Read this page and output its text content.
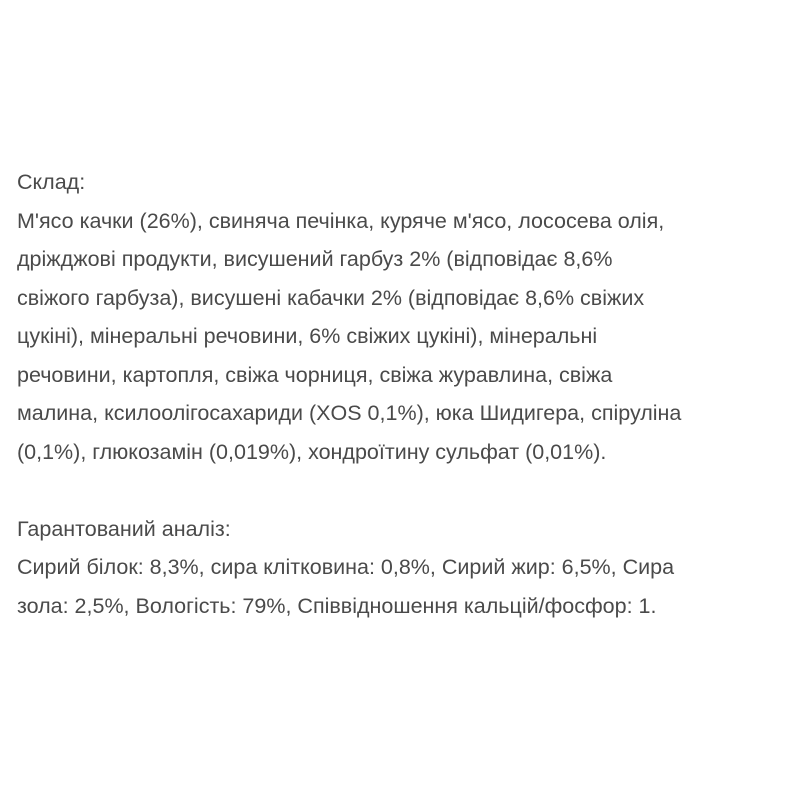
Склад:
М'ясо качки (26%), свиняча печінка, куряче м'ясо, лососева олія,
дріжджові продукти, висушений гарбуз 2% (відповідає 8,6%
свіжого гарбуза), висушені кабачки 2% (відповідає 8,6% свіжих
цукіні), мінеральні речовини, 6% свіжих цукіні), мінеральні
речовини, картопля, свіжа чорниця, свіжа журавлина, свіжа
малина, ксилоолігосахариди (XOS 0,1%), юка Шидигера, спіруліна
(0,1%), глюкозамін (0,019%), хондроїтину сульфат (0,01%).
Гарантований аналіз:
Сирий білок: 8,3%, сира клітковина: 0,8%, Сирий жир: 6,5%, Сира
зола: 2,5%, Вологість: 79%, Співвідношення кальцій/фосфор: 1.
